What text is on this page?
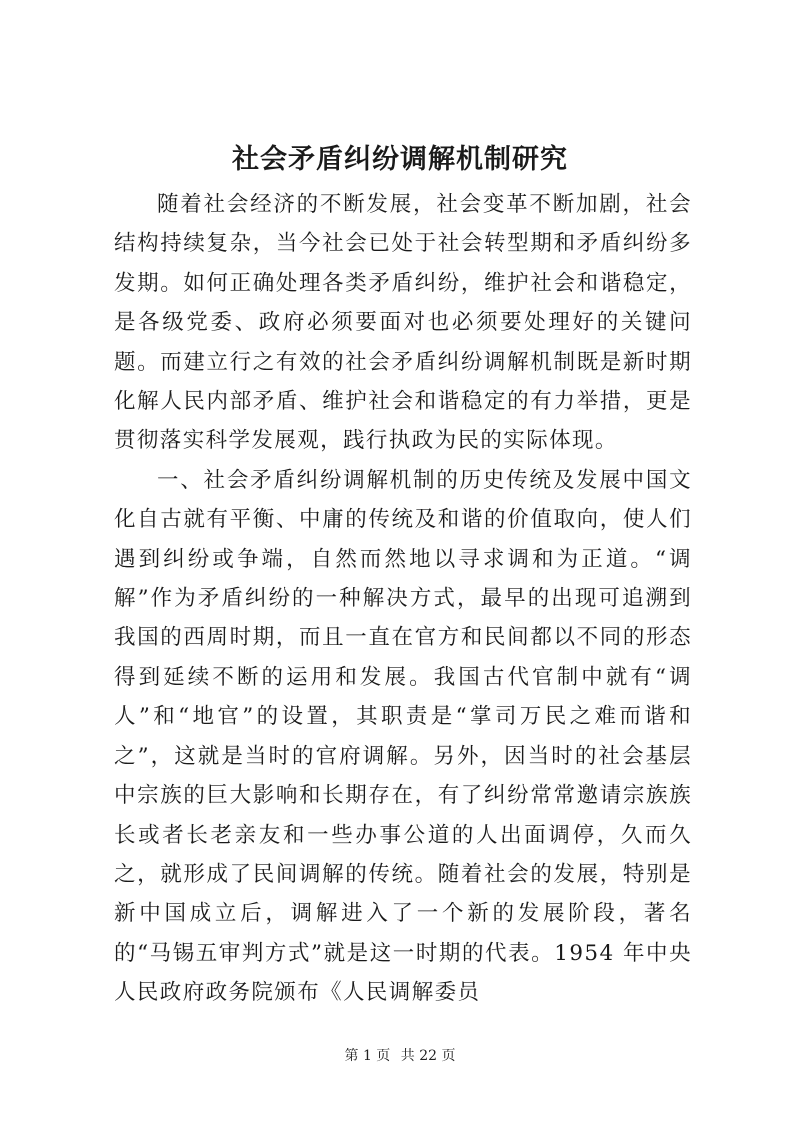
社会矛盾纠纷调解机制研究

随着社会经济的不断发展，社会变革不断加剧，社会结构持续复杂，当今社会已处于社会转型期和矛盾纠纷多发期。如何正确处理各类矛盾纠纷，维护社会和谐稳定，是各级党委、政府必须要面对也必须要处理好的关键问题。而建立行之有效的社会矛盾纠纷调解机制既是新时期化解人民内部矛盾、维护社会和谐稳定的有力举措，更是贯彻落实科学发展观，践行执政为民的实际体现。

一、社会矛盾纠纷调解机制的历史传统及发展中国文化自古就有平衡、中庸的传统及和谐的价值取向，使人们遇到纠纷或争端，自然而然地以寻求调和为正道。“调解”作为矛盾纠纷的一种解决方式，最早的出现可追溯到我国的西周时期，而且一直在官方和民间都以不同的形态得到延续不断的运用和发展。我国古代官制中就有“调人”和“地官”的设置，其职责是“掌司万民之难而谐和之”，这就是当时的官府调解。另外，因当时的社会基层中宗族的巨大影响和长期存在，有了纠纷常常邀请宗族族长或者长老亲友和一些办事公道的人出面调停，久而久之，就形成了民间调解的传统。随着社会的发展，特别是新中国成立后，调解进入了一个新的发展阶段，著名的“马锡五审判方式”就是这一时期的代表。1954 年中央人民政府政务院颁布《人民调解委员

第 1 页 共 22 页
